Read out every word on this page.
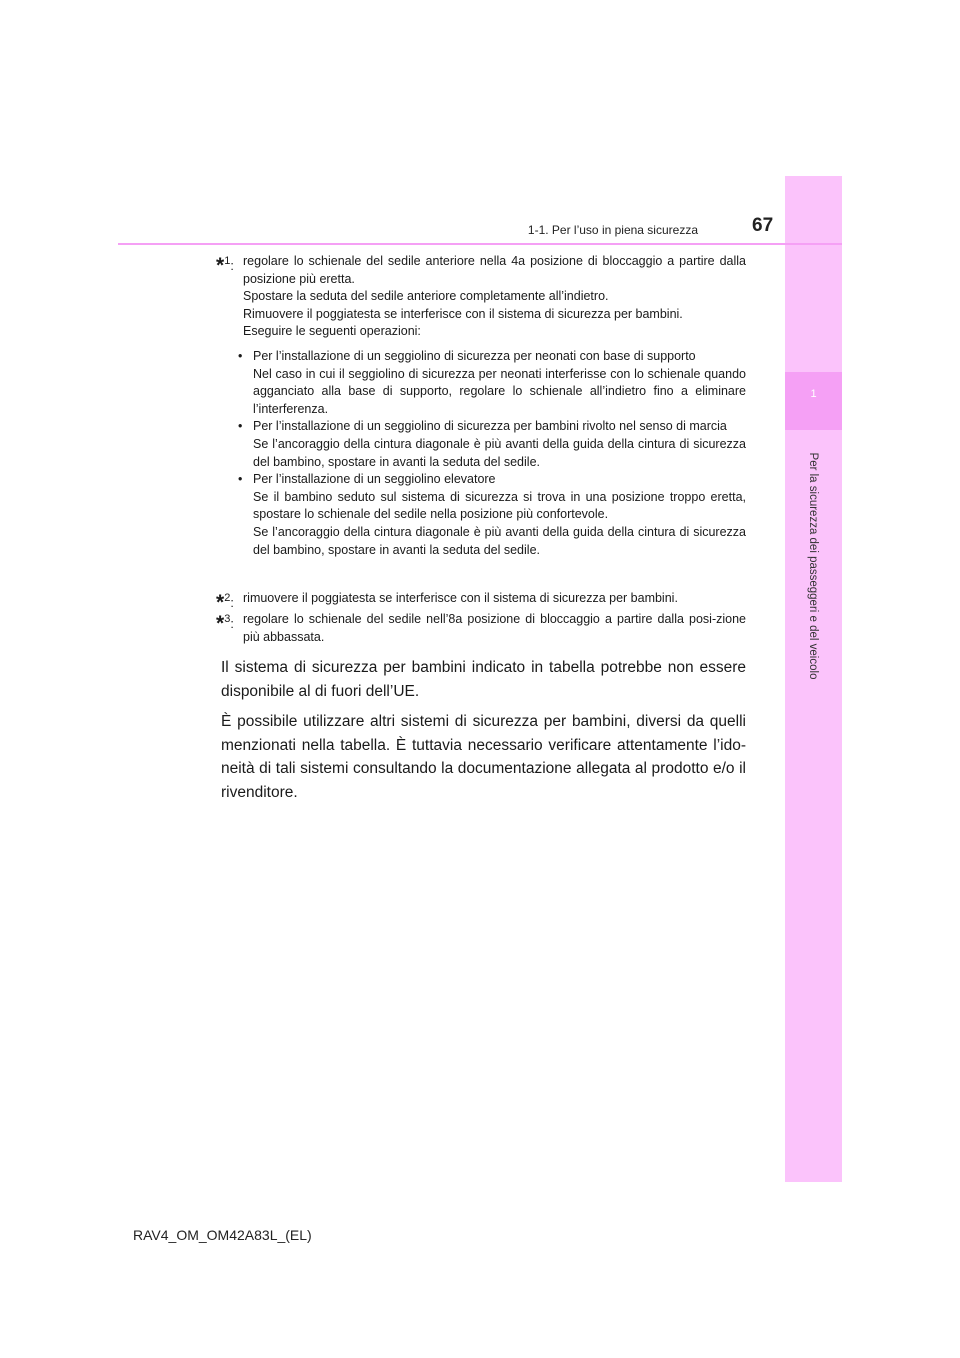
1
Per la sicurezza dei passeggeri e del veicolo
1-1. Per l’uso in piena sicurezza	67
*$^1$: regolare lo schienale del sedile anteriore nella 4a posizione di bloccaggio a partire dalla posizione più eretta.
Spostare la seduta del sedile anteriore completamente all’indietro.
Rimuovere il poggiatesta se interferisce con il sistema di sicurezza per bambini.
Eseguire le seguenti operazioni:
• Per l’installazione di un seggiolino di sicurezza per neonati con base di supporto
Nel caso in cui il seggiolino di sicurezza per neonati interferisse con lo schienale quando agganciato alla base di supporto, regolare lo schienale all’indietro fino a eliminare l’interferenza.
• Per l’installazione di un seggiolino di sicurezza per bambini rivolto nel senso di marcia
Se l’ancoraggio della cintura diagonale è più avanti della guida della cintura di sicurezza del bambino, spostare in avanti la seduta del sedile.
• Per l’installazione di un seggiolino elevatore
Se il bambino seduto sul sistema di sicurezza si trova in una posizione troppo eretta, spostare lo schienale del sedile nella posizione più confortevole.
Se l’ancoraggio della cintura diagonale è più avanti della guida della cintura di sicurezza del bambino, spostare in avanti la seduta del sedile.
*$^2$: rimuovere il poggiatesta se interferisce con il sistema di sicurezza per bambini.
*$^3$: regolare lo schienale del sedile nell’8a posizione di bloccaggio a partire dalla posi-zione più abbassata.
Il sistema di sicurezza per bambini indicato in tabella potrebbe non essere disponibile al di fuori dell’UE.
È possibile utilizzare altri sistemi di sicurezza per bambini, diversi da quelli menzionati nella tabella. È tuttavia necessario verificare attentamente l’ido-neità di tali sistemi consultando la documentazione allegata al prodotto e/o il rivenditore.
RAV4_OM_OM42A83L_(EL)
